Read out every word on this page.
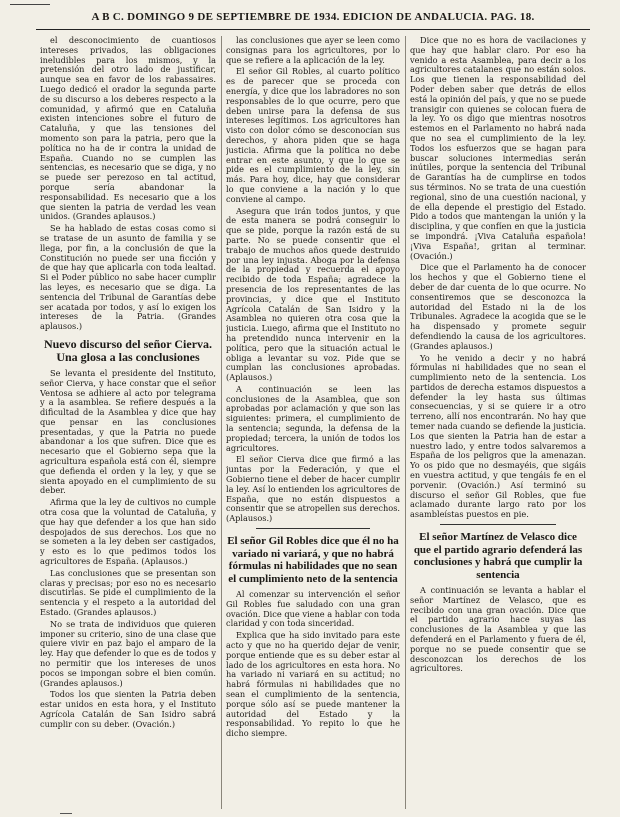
A B C. DOMINGO 9 DE SEPTIEMBRE DE 1934. EDICION DE ANDALUCIA. PAG. 18.

el desconocimiento de cuantiosos intereses privados, las obligaciones ineludibles para los mismos, y la pretensión del otro lado de justificar, aunque sea en favor de los rabassaires. Luego dedicó el orador la segunda parte de su discurso a los deberes respecto a la comunidad, y afirmó que en Cataluña existen intenciones sobre el futuro de Cataluña, y que las tensiones del momento son para la patria, pero que la política no ha de ir contra la unidad de España. Cuando no se cumplen las sentencias, es necesario que se diga, y no se puede ser perezoso en tal actitud, porque sería abandonar la responsabilidad. Es necesario que a los que sienten la patria de verdad les vean unidos. (Grandes aplausos.)

Se ha hablado de estas cosas como si se tratase de un asunto de familia y se llega, por fin, a la conclusión de que la Constitución no puede ser una ficción y de que hay que aplicarla con toda lealtad. Si el Poder público no sabe hacer cumplir las leyes, es necesario que se diga. La sentencia del Tribunal de Garantías debe ser acatada por todos, y así lo exigen los intereses de la Patria. (Grandes aplausos.)

Nuevo discurso del señor Cierva. Una glosa a las conclusiones

Se levanta el presidente del Instituto, señor Cierva, y hace constar que el señor Ventosa se adhiere al acto por telegrama y a la asamblea. Se refiere después a la dificultad de la Asamblea y dice que hay que pensar en las conclusiones presentadas, y que la Patria no puede abandonar a los que sufren. Dice que es necesario que el Gobierno sepa que la agricultura española está con él, siempre que defienda el orden y la ley, y que se sienta apoyado en el cumplimiento de su deber.

Afirma que la ley de cultivos no cumple otra cosa que la voluntad de Cataluña, y que hay que defender a los que han sido despojados de sus derechos. Los que no se someten a la ley deben ser castigados, y esto es lo que pedimos todos los agricultores de España. (Aplausos.)

Las conclusiones que se presentan son claras y precisas; por eso no es necesario discutirlas. Se pide el cumplimiento de la sentencia y el respeto a la autoridad del Estado. (Grandes aplausos.)

No se trata de individuos que quieren imponer su criterio, sino de una clase que quiere vivir en paz bajo el amparo de la ley. Hay que defender lo que es de todos y no permitir que los intereses de unos pocos se impongan sobre el bien común. (Grandes aplausos.)

Todos los que sienten la Patria deben estar unidos en esta hora, y el Instituto Agrícola Catalán de San Isidro sabrá cumplir con su deber. (Ovación.)

las conclusiones que ayer se leen como consignas para los agricultores, por lo que se refiere a la aplicación de la ley.

El señor Gil Robles, al cuarto político es de parecer que se proceda con energía, y dice que los labradores no son responsables de lo que ocurre, pero que deben unirse para la defensa de sus intereses legítimos. Los agricultores han visto con dolor cómo se desconocían sus derechos, y ahora piden que se haga justicia. Afirma que la política no debe entrar en este asunto, y que lo que se pide es el cumplimiento de la ley, sin más. Para hoy, dice, hay que considerar lo que conviene a la nación y lo que conviene al campo.

Asegura que irán todos juntos, y que de esta manera se podrá conseguir lo que se pide, porque la razón está de su parte. No se puede consentir que el trabajo de muchos años quede destruido por una ley injusta. Aboga por la defensa de la propiedad y recuerda el apoyo recibido de toda España; agradece la presencia de los representantes de las provincias, y dice que el Instituto Agrícola Catalán de San Isidro y la Asamblea no quieren otra cosa que la justicia. Luego, afirma que el Instituto no ha pretendido nunca intervenir en la política, pero que la situación actual le obliga a levantar su voz. Pide que se cumplan las conclusiones aprobadas. (Aplausos.)

A continuación se leen las conclusiones de la Asamblea, que son aprobadas por aclamación y que son las siguientes: primera, el cumplimiento de la sentencia; segunda, la defensa de la propiedad; tercera, la unión de todos los agricultores.

El señor Cierva dice que firmó a las juntas por la Federación, y que el Gobierno tiene el deber de hacer cumplir la ley. Así lo entienden los agricultores de España, que no están dispuestos a consentir que se atropellen sus derechos. (Aplausos.)

El señor Gil Robles dice que él no ha variado ni variará, y que no habrá fórmulas ni habilidades que no sean el cumplimiento neto de la sentencia

Al comenzar su intervención el señor Gil Robles fue saludado con una gran ovación. Dice que viene a hablar con toda claridad y con toda sinceridad.

Explica que ha sido invitado para este acto y que no ha querido dejar de venir, porque entiende que es su deber estar al lado de los agricultores en esta hora. No ha variado ni variará en su actitud; no habrá fórmulas ni habilidades que no sean el cumplimiento de la sentencia, porque sólo así se puede mantener la autoridad del Estado y la responsabilidad. Yo repito lo que he dicho siempre.

Dice que no es hora de vacilaciones y que hay que hablar claro. Por eso ha venido a esta Asamblea, para decir a los agricultores catalanes que no están solos. Los que tienen la responsabilidad del Poder deben saber que detrás de ellos está la opinión del país, y que no se puede transigir con quienes se colocan fuera de la ley. Yo os digo que mientras nosotros estemos en el Parlamento no habrá nada que no sea el cumplimiento de la ley. Todos los esfuerzos que se hagan para buscar soluciones intermedias serán inútiles, porque la sentencia del Tribunal de Garantías ha de cumplirse en todos sus términos. No se trata de una cuestión regional, sino de una cuestión nacional, y de ella depende el prestigio del Estado. Pido a todos que mantengan la unión y la disciplina, y que confíen en que la justicia se impondrá. ¡Viva Cataluña española! ¡Viva España!, gritan al terminar. (Ovación.)

Dice que el Parlamento ha de conocer los hechos y que el Gobierno tiene el deber de dar cuenta de lo que ocurre. No consentiremos que se desconozca la autoridad del Estado ni la de los Tribunales. Agradece la acogida que se le ha dispensado y promete seguir defendiendo la causa de los agricultores. (Grandes aplausos.)

Yo he venido a decir y no habrá fórmulas ni habilidades que no sean el cumplimiento neto de la sentencia. Los partidos de derecha estamos dispuestos a defender la ley hasta sus últimas consecuencias, y si se quiere ir a otro terreno, allí nos encontrarán. No hay que temer nada cuando se defiende la justicia. Los que sienten la Patria han de estar a nuestro lado, y entre todos salvaremos a España de los peligros que la amenazan. Yo os pido que no desmayéis, que sigáis en vuestra actitud, y que tengáis fe en el porvenir. (Ovación.) Así terminó su discurso el señor Gil Robles, que fue aclamado durante largo rato por los asambleístas puestos en pie.

El señor Martínez de Velasco dice que el partido agrario defenderá las conclusiones y habrá que cumplir la sentencia

A continuación se levanta a hablar el señor Martínez de Velasco, que es recibido con una gran ovación. Dice que el partido agrario hace suyas las conclusiones de la Asamblea y que las defenderá en el Parlamento y fuera de él, porque no se puede consentir que se desconozcan los derechos de los agricultores.
